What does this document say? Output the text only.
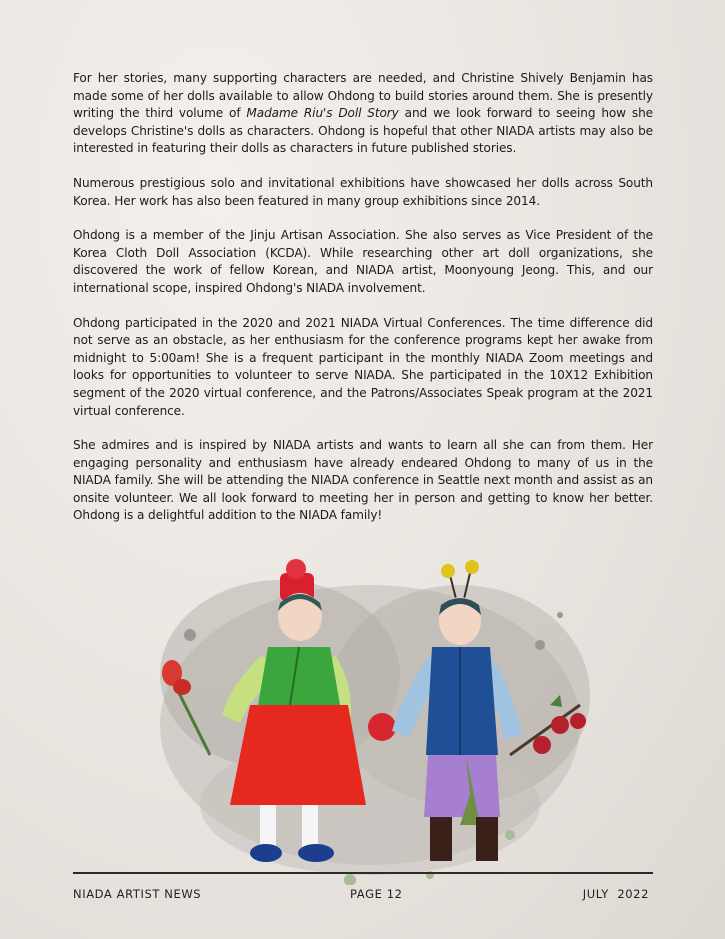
For her stories, many supporting characters are needed, and Christine Shively Benjamin has made some of her dolls available to allow Ohdong to build stories around them. She is presently writing the third volume of Madame Riu's Doll Story and we look forward to seeing how she develops Christine's dolls as characters. Ohdong is hopeful that other NIADA artists may also be interested in featuring their dolls as characters in future published stories.

Numerous prestigious solo and invitational exhibitions have showcased her dolls across South Korea. Her work has also been featured in many group exhibitions since 2014.

Ohdong is a member of the Jinju Artisan Association. She also serves as Vice President of the Korea Cloth Doll Association (KCDA). While researching other art doll organizations, she discovered the work of fellow Korean, and NIADA artist, Moonyoung Jeong. This, and our international scope, inspired Ohdong's NIADA involvement.

Ohdong participated in the 2020 and 2021 NIADA Virtual Conferences. The time difference did not serve as an obstacle, as her enthusiasm for the conference programs kept her awake from midnight to 5:00am! She is a frequent participant in the monthly NIADA Zoom meetings and looks for opportunities to volunteer to serve NIADA. She participated in the 10X12 Exhibition segment of the 2020 virtual conference, and the Patrons/Associates Speak program at the 2021 virtual conference.

She admires and is inspired by NIADA artists and wants to learn all she can from them. Her engaging personality and enthusiasm have already endeared Ohdong to many of us in the NIADA family. She will be attending the NIADA conference in Seattle next month and assist as an onsite volunteer. We all look forward to meeting her in person and getting to know her better. Ohdong is a delightful addition to the NIADA family!

NIADA ARTIST NEWS	PAGE 12	JULY  2022
